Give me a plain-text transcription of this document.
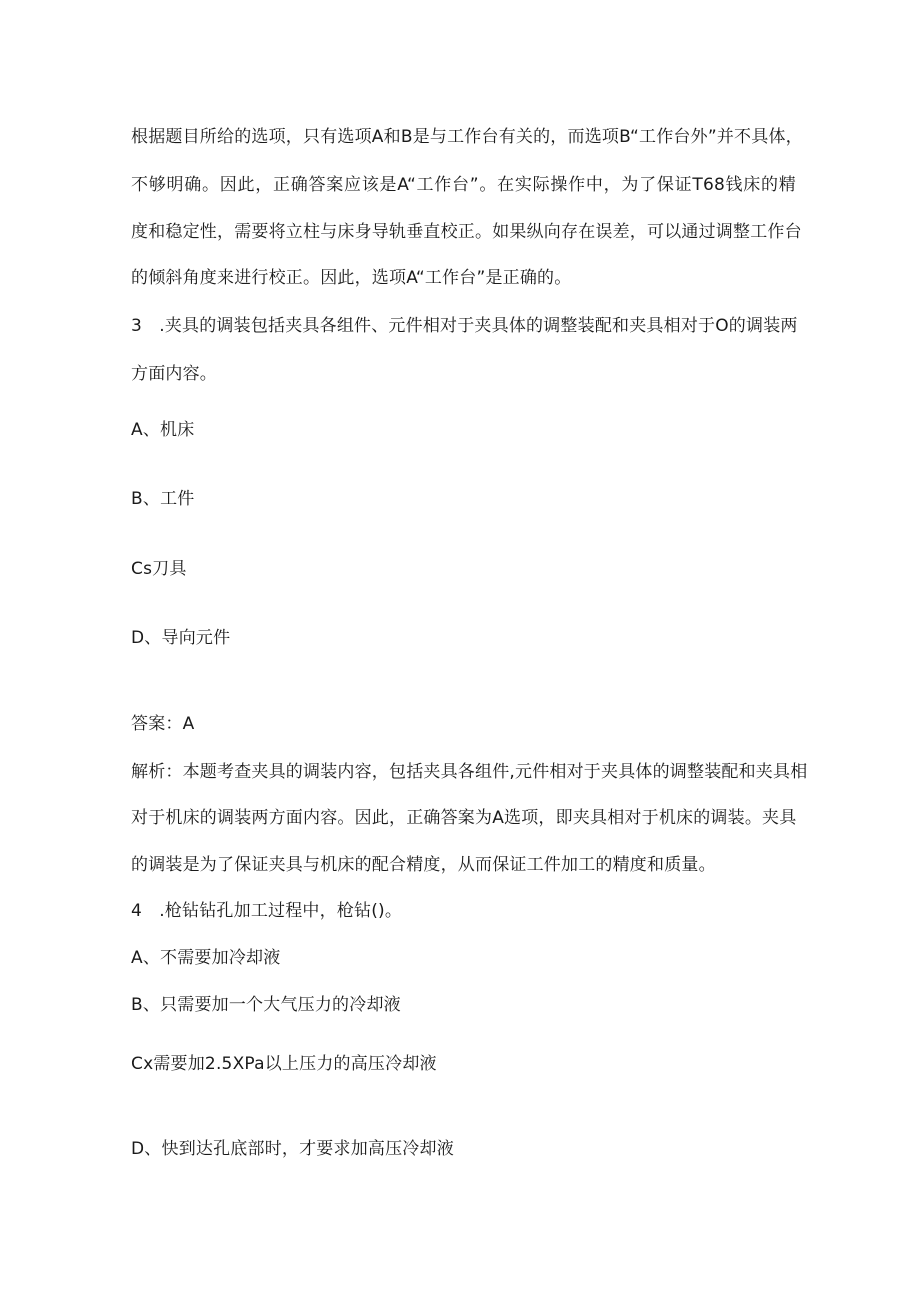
根据题目所给的选项，只有选项A和B是与工作台有关的，而选项B“工作台外”并不具体，
不够明确。因此，正确答案应该是A“工作台”。在实际操作中，为了保证T68钱床的精
度和稳定性，需要将立柱与床身导轨垂直校正。如果纵向存在误差，可以通过调整工作台
的倾斜角度来进行校正。因此，选项A“工作台”是正确的。
3　.夹具的调装包括夹具各组件、元件相对于夹具体的调整装配和夹具相对于O的调装两
方面内容。
A、机床
B、工件
Cs刀具
D、导向元件
答案：A
解析：本题考查夹具的调装内容，包括夹具各组件,元件相对于夹具体的调整装配和夹具相
对于机床的调装两方面内容。因此，正确答案为A选项，即夹具相对于机床的调装。夹具
的调装是为了保证夹具与机床的配合精度，从而保证工件加工的精度和质量。
4　.枪钻钻孔加工过程中，枪钻()。
A、不需要加冷却液
B、只需要加一个大气压力的冷却液
Cx需要加2.5XPa以上压力的高压冷却液
D、快到达孔底部时，才要求加高压冷却液
